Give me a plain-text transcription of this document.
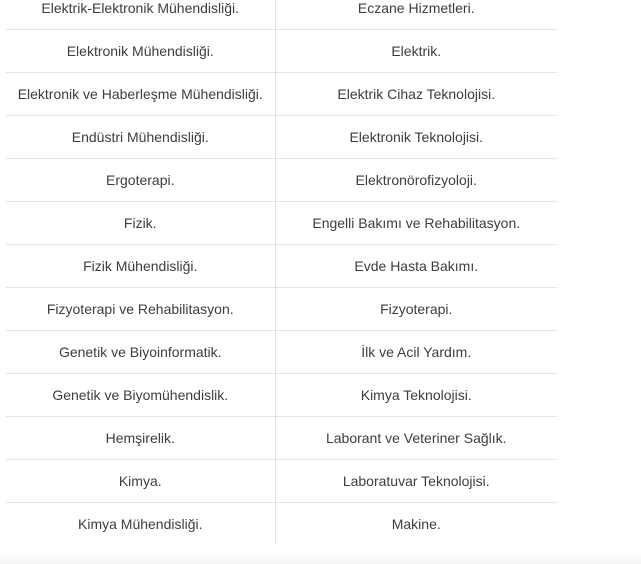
Elektrik-Elektronik Mühendisliği.	Eczane Hizmetleri.
Elektronik Mühendisliği.	Elektrik.
Elektronik ve Haberleşme Mühendisliği.	Elektrik Cihaz Teknolojisi.
Endüstri Mühendisliği.	Elektronik Teknolojisi.
Ergoterapi.	Elektronörofizyoloji.
Fizik.	Engelli Bakımı ve Rehabilitasyon.
Fizik Mühendisliği.	Evde Hasta Bakımı.
Fizyoterapi ve Rehabilitasyon.	Fizyoterapi.
Genetik ve Biyoinformatik.	İlk ve Acil Yardım.
Genetik ve Biyomühendislik.	Kimya Teknolojisi.
Hemşirelik.	Laborant ve Veteriner Sağlık.
Kimya.	Laboratuvar Teknolojisi.
Kimya Mühendisliği.	Makine.
